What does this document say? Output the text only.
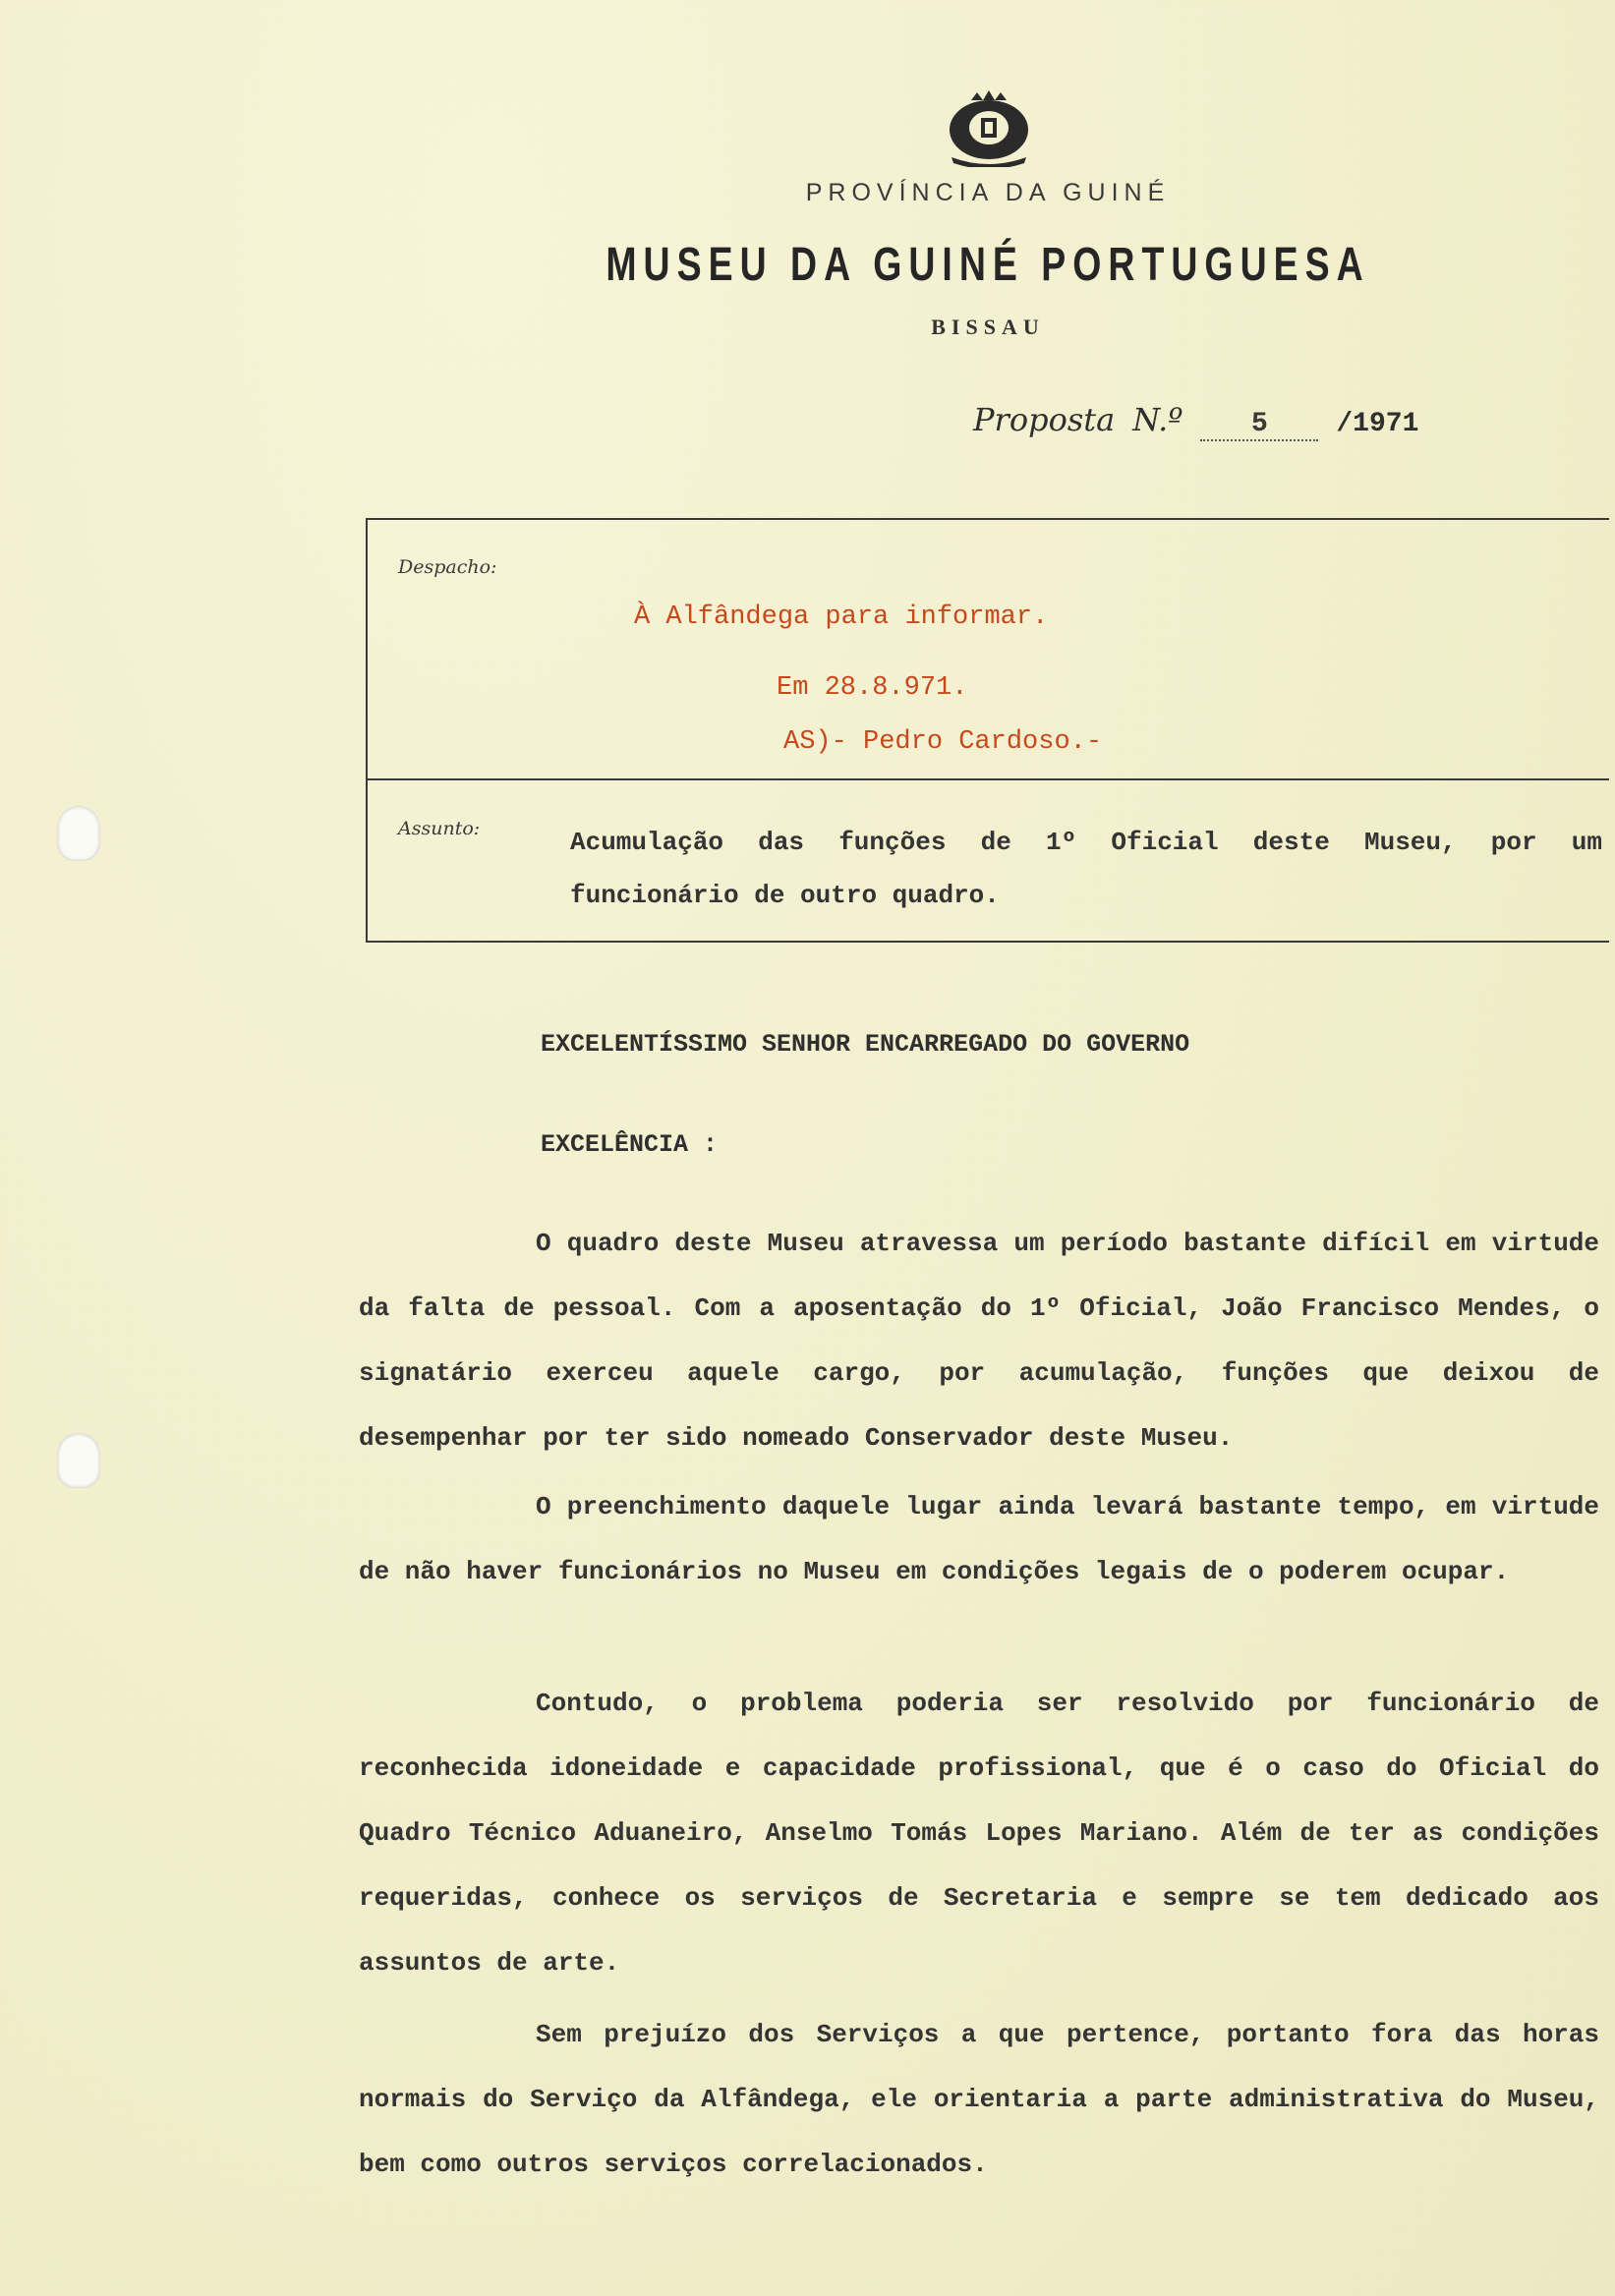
PROVÍNCIA DA GUINÉ
MUSEU DA GUINÉ PORTUGUESA
BISSAU
Proposta N.º	5	/1971
Despacho:
À Alfândega para informar.
Em 28.8.971.
AS)- Pedro Cardoso.-
Assunto:	Acumulação das funções de 1º Oficial deste Museu, por um funcionário de outro quadro.
EXCELENTÍSSIMO SENHOR ENCARREGADO DO GOVERNO
EXCELÊNCIA :
O quadro deste Museu atravessa um período bastante difícil em virtude da falta de pessoal. Com a aposentação do 1º Oficial, João Francisco Mendes, o signatário exerceu aquele cargo, por acumulação, funções que deixou de desempenhar por ter sido nomeado Conservador deste Museu.
O preenchimento daquele lugar ainda levará bastante tempo, em virtude de não haver funcionários no Museu em condições legais de o poderem ocupar.
Contudo, o problema poderia ser resolvido por funcionário de reconhecida idoneidade e capacidade profissional, que é o caso do Oficial do Quadro Técnico Aduaneiro, Anselmo Tomás Lopes Mariano. Além de ter as condições requeridas, conhece os serviços de Secretaria e sempre se tem dedicado aos assuntos de arte.
Sem prejuízo dos Serviços a que pertence, portanto fora das horas normais do Serviço da Alfândega, ele orientaria a parte administrativa do Museu, bem como outros serviços correlacionados.
